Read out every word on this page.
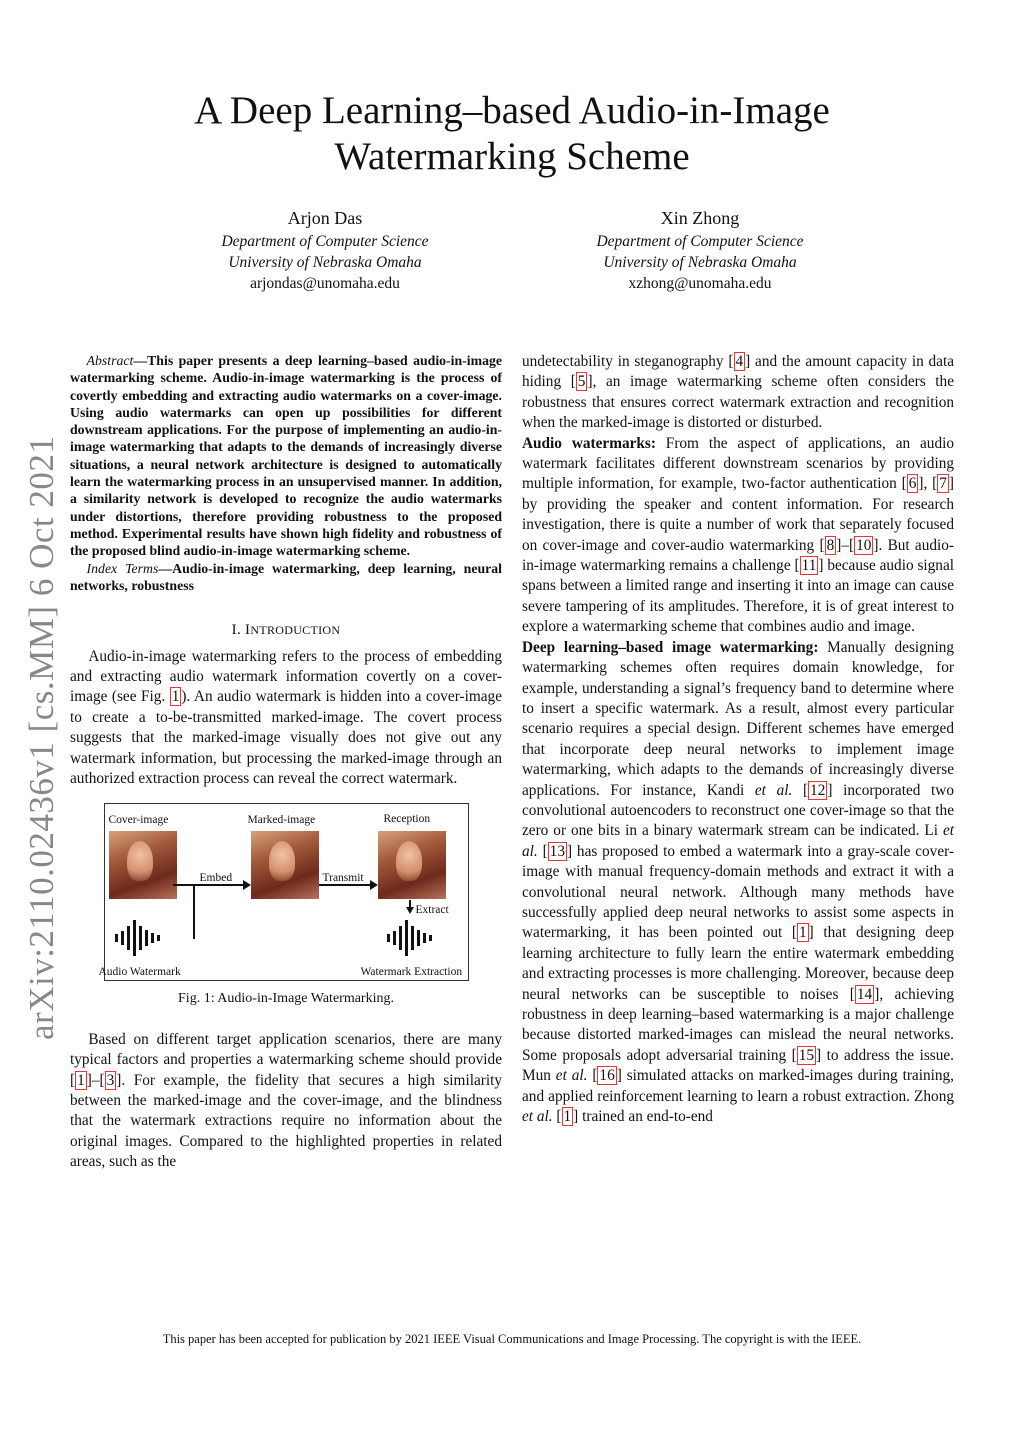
arXiv:2110.02436v1 [cs.MM] 6 Oct 2021
A Deep Learning–based Audio-in-Image
Watermarking Scheme
Arjon Das
Department of Computer Science
University of Nebraska Omaha
arjondas@unomaha.edu
Xin Zhong
Department of Computer Science
University of Nebraska Omaha
xzhong@unomaha.edu

Abstract—This paper presents a deep learning–based audio-in-image watermarking scheme. Audio-in-image watermarking is the process of covertly embedding and extracting audio watermarks on a cover-image. Using audio watermarks can open up possibilities for different downstream applications. For the purpose of implementing an audio-in-image watermarking that adapts to the demands of increasingly diverse situations, a neural network architecture is designed to automatically learn the watermarking process in an unsupervised manner. In addition, a similarity network is developed to recognize the audio watermarks under distortions, therefore providing robustness to the proposed method. Experimental results have shown high fidelity and robustness of the proposed blind audio-in-image watermarking scheme.

Index Terms—Audio-in-image watermarking, deep learning, neural networks, robustness

I. INTRODUCTION

Audio-in-image watermarking refers to the process of embedding and extracting audio watermark information covertly on a cover-image (see Fig. 1 ). An audio watermark is hidden into a cover-image to create a to-be-transmitted marked-image. The covert process suggests that the marked-image visually does not give out any watermark information, but processing the marked-image through an authorized extraction process can reveal the correct watermark.

Cover-image	Marked-image	Reception
Embed	Transmit
Extract
Audio Watermark	Watermark Extraction
Fig. 1: Audio-in-Image Watermarking.

Based on different target application scenarios, there are many typical factors and properties a watermarking scheme should provide [ 1 ]–[ 3 ]. For example, the fidelity that secures a high similarity between the marked-image and the cover-image, and the blindness that the watermark extractions require no information about the original images. Compared to the highlighted properties in related areas, such as the

undetectability in steganography [ 4 ] and the amount capacity in data hiding [ 5 ], an image watermarking scheme often considers the robustness that ensures correct watermark extraction and recognition when the marked-image is distorted or disturbed.

Audio watermarks: From the aspect of applications, an audio watermark facilitates different downstream scenarios by providing multiple information, for example, two-factor authentication [ 6 ], [ 7 ] by providing the speaker and content information. For research investigation, there is quite a number of work that separately focused on cover-image and cover-audio watermarking [ 8 ]–[ 10 ]. But audio-in-image watermarking remains a challenge [ 11 ] because audio signal spans between a limited range and inserting it into an image can cause severe tampering of its amplitudes. Therefore, it is of great interest to explore a watermarking scheme that combines audio and image.

Deep learning–based image watermarking: Manually designing watermarking schemes often requires domain knowledge, for example, understanding a signal’s frequency band to determine where to insert a specific watermark. As a result, almost every particular scenario requires a special design. Different schemes have emerged that incorporate deep neural networks to implement image watermarking, which adapts to the demands of increasingly diverse applications. For instance, Kandi et al. [ 12 ] incorporated two convolutional autoencoders to reconstruct one cover-image so that the zero or one bits in a binary watermark stream can be indicated. Li et al. [ 13 ] has proposed to embed a watermark into a gray-scale cover-image with manual frequency-domain methods and extract it with a convolutional neural network. Although many methods have successfully applied deep neural networks to assist some aspects in watermarking, it has been pointed out [ 1 ] that designing deep learning architecture to fully learn the entire watermark embedding and extracting processes is more challenging. Moreover, because deep neural networks can be susceptible to noises [ 14 ], achieving robustness in deep learning–based watermarking is a major challenge because distorted marked-images can mislead the neural networks. Some proposals adopt adversarial training [ 15 ] to address the issue. Mun et al. [ 16 ] simulated attacks on marked-images during training, and applied reinforcement learning to learn a robust extraction. Zhong et al. [ 1 ] trained an end-to-end

This paper has been accepted for publication by 2021 IEEE Visual Communications and Image Processing. The copyright is with the IEEE.
